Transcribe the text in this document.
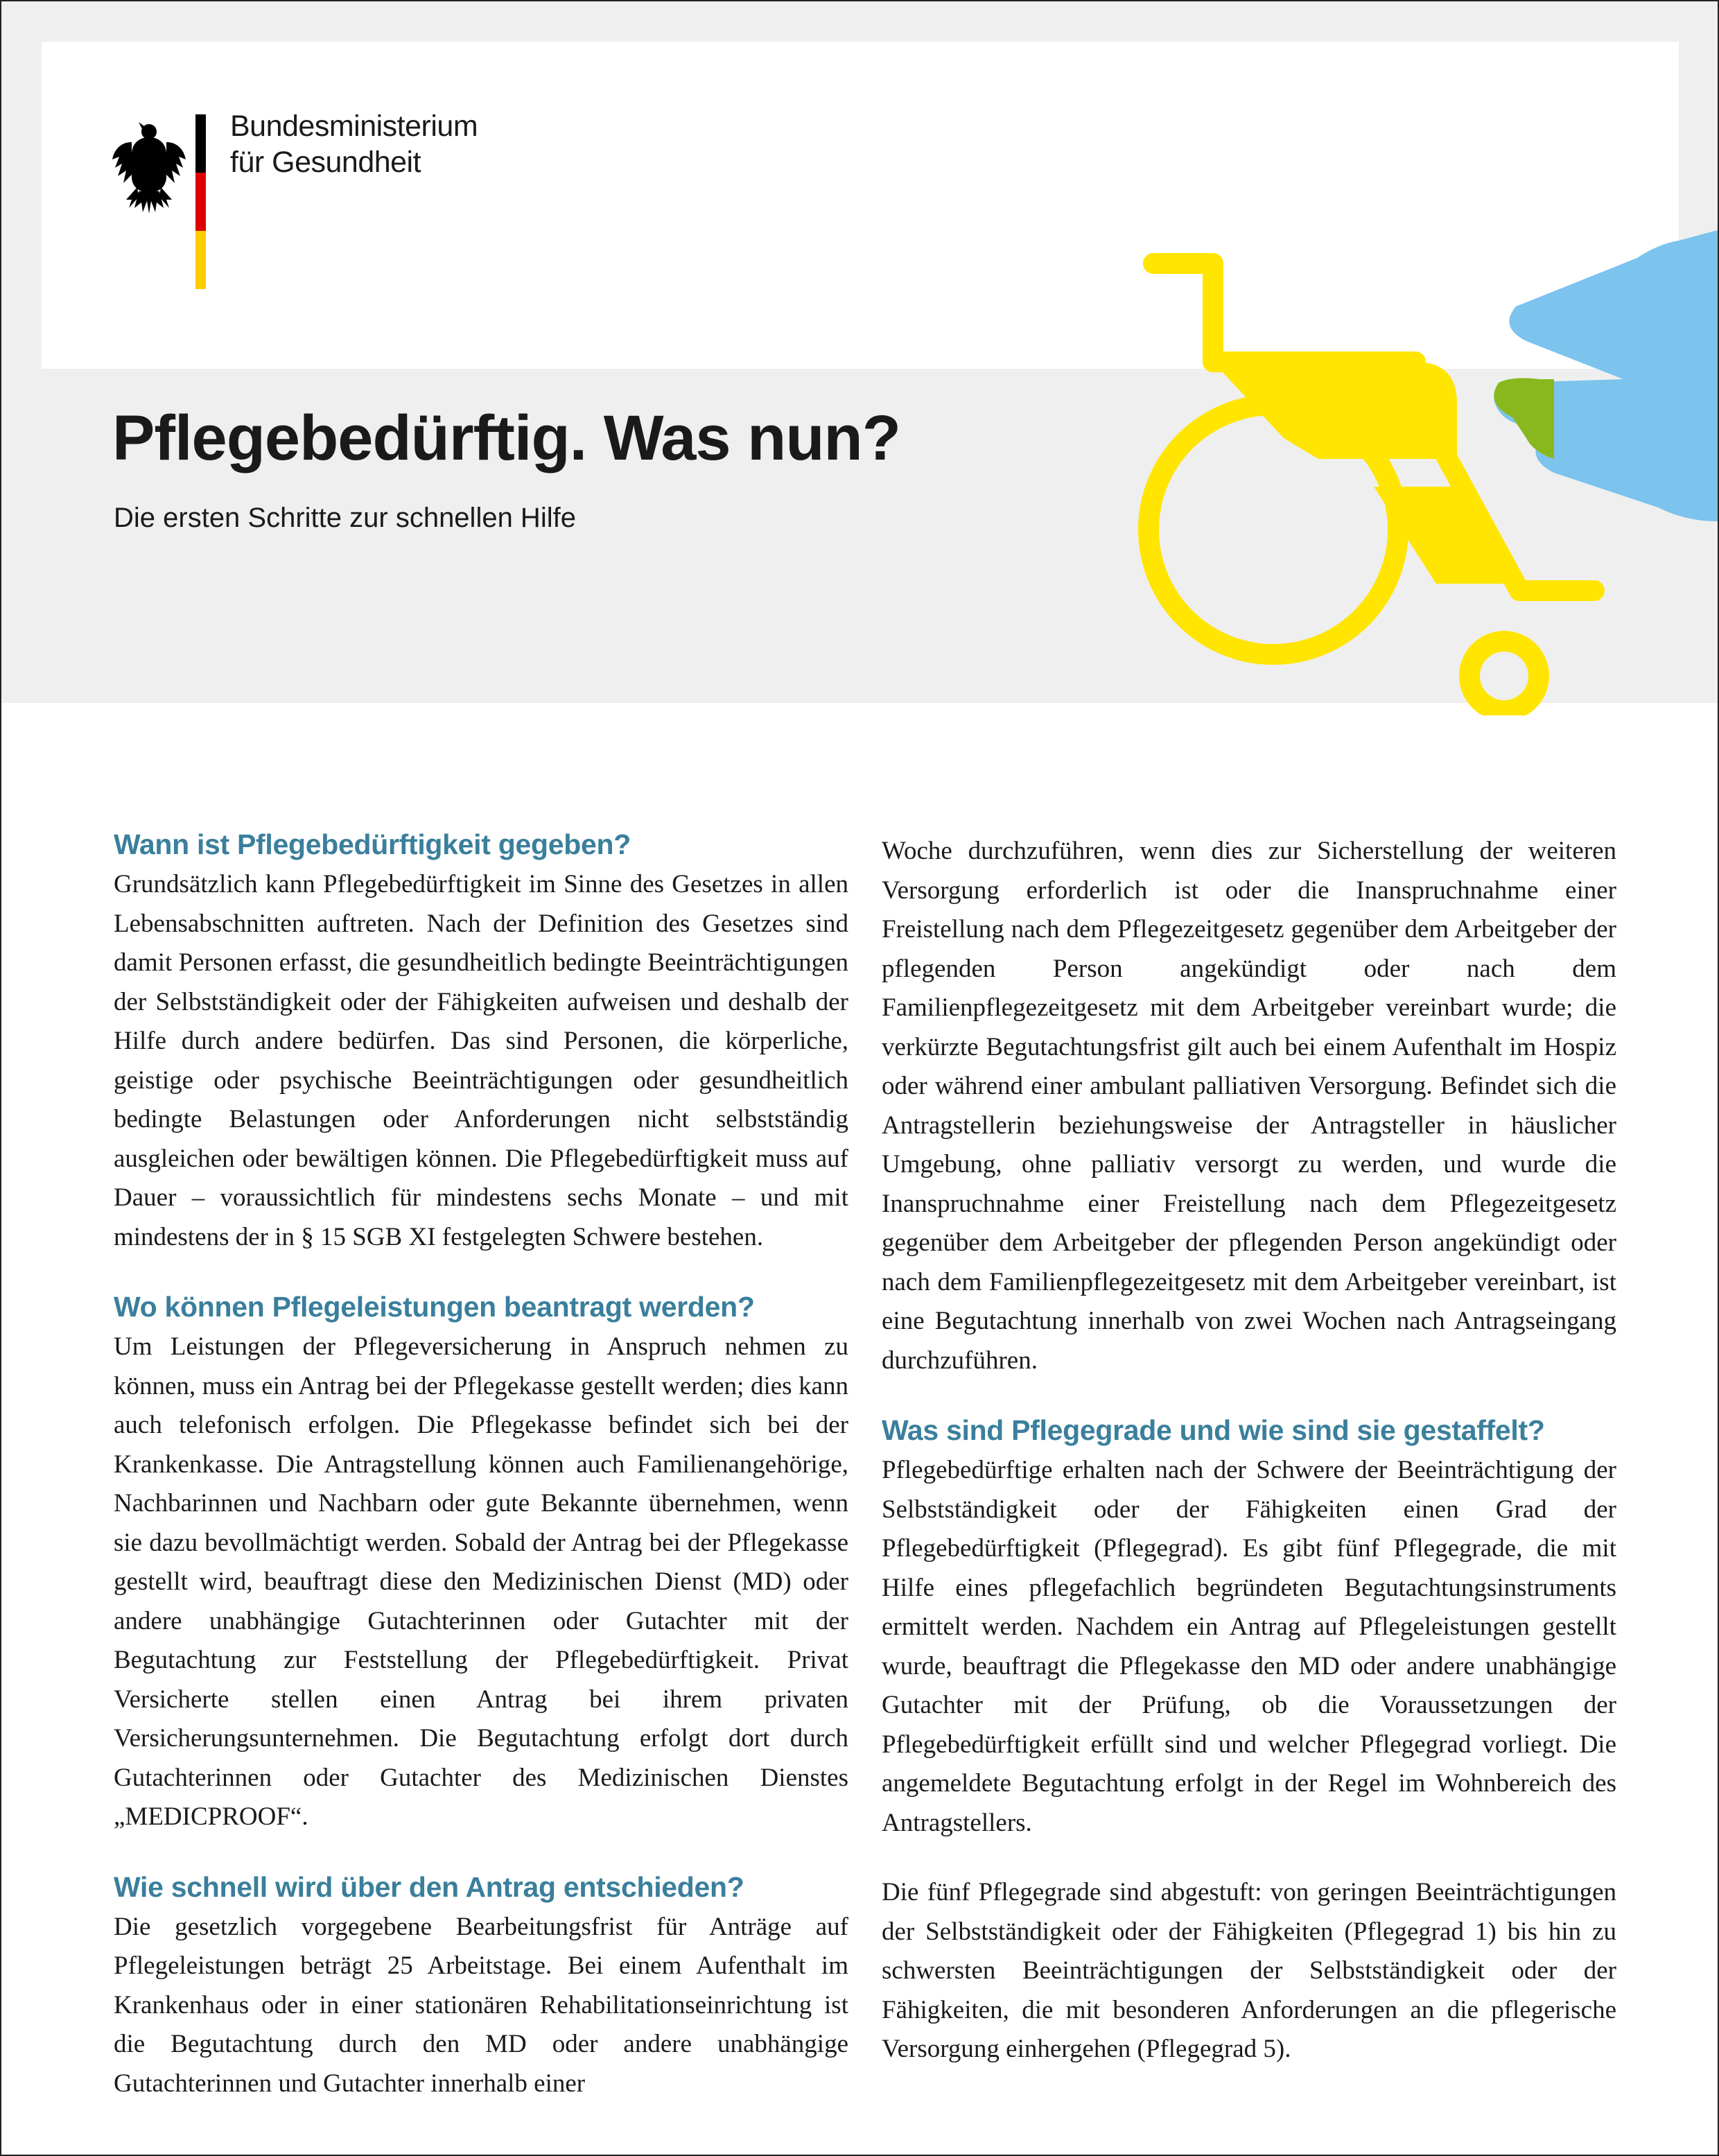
Bundesministerium
für Gesundheit
Pflegebedürftig. Was nun?
Die ersten Schritte zur schnellen Hilfe
Wann ist Pflegebedürftigkeit gegeben?

Grundsätzlich kann Pflegebedürftigkeit im Sinne des Gesetzes in allen Lebensabschnitten auftreten. Nach der Definition des Gesetzes sind damit Personen erfasst, die gesundheitlich bedingte Beeinträchtigungen der Selbstständigkeit oder der Fähigkeiten aufweisen und deshalb der Hilfe durch andere bedürfen. Das sind Personen, die körperliche, geistige oder psychische Beeinträchtigungen oder gesundheitlich bedingte Belastungen oder Anforderungen nicht selbstständig ausgleichen oder bewältigen können. Die Pflegebedürftigkeit muss auf Dauer – voraussichtlich für mindestens sechs Monate – und mit mindestens der in § 15 SGB XI festgelegten Schwere bestehen.

Wo können Pflegeleistungen beantragt werden?

Um Leistungen der Pflegeversicherung in Anspruch nehmen zu können, muss ein Antrag bei der Pflegekasse gestellt werden; dies kann auch telefonisch erfolgen. Die Pflegekasse befindet sich bei der Krankenkasse. Die Antragstellung können auch Familienangehörige, Nachbarinnen und Nachbarn oder gute Bekannte übernehmen, wenn sie dazu bevollmächtigt werden. Sobald der Antrag bei der Pflegekasse gestellt wird, beauftragt diese den Medizinischen Dienst (MD) oder andere unabhängige Gutachterinnen oder Gutachter mit der Begutachtung zur Feststellung der Pflegebedürftigkeit. Privat Versicherte stellen einen Antrag bei ihrem privaten Versicherungsunternehmen. Die Begutachtung erfolgt dort durch Gutachterinnen oder Gutachter des Medizinischen Dienstes „MEDICPROOF“.

Wie schnell wird über den Antrag entschieden?

Die gesetzlich vorgegebene Bearbeitungsfrist für Anträge auf Pflegeleistungen beträgt 25 Arbeitstage. Bei einem Aufenthalt im Krankenhaus oder in einer stationären Rehabilitationseinrichtung ist die Begutachtung durch den MD oder andere unabhängige Gutachterinnen und Gutachter innerhalb einer

Woche durchzuführen, wenn dies zur Sicherstellung der weiteren Versorgung erforderlich ist oder die Inanspruchnahme einer Freistellung nach dem Pflegezeitgesetz gegenüber dem Arbeitgeber der pflegenden Person angekündigt oder nach dem Familienpflegezeitgesetz mit dem Arbeitgeber vereinbart wurde; die verkürzte Begutachtungsfrist gilt auch bei einem Aufenthalt im Hospiz oder während einer ambulant palliativen Versorgung. Befindet sich die Antragstellerin beziehungsweise der Antragsteller in häuslicher Umgebung, ohne palliativ versorgt zu werden, und wurde die Inanspruchnahme einer Freistellung nach dem Pflegezeitgesetz gegenüber dem Arbeitgeber der pflegenden Person angekündigt oder nach dem Familienpflegezeitgesetz mit dem Arbeitgeber vereinbart, ist eine Begutachtung innerhalb von zwei Wochen nach Antragseingang durchzuführen.

Was sind Pflegegrade und wie sind sie gestaffelt?

Pflegebedürftige erhalten nach der Schwere der Beeinträchtigung der Selbstständigkeit oder der Fähigkeiten einen Grad der Pflegebedürftigkeit (Pflegegrad). Es gibt fünf Pflegegrade, die mit Hilfe eines pflegefachlich begründeten Begutachtungsinstruments ermittelt werden. Nachdem ein Antrag auf Pflegeleistungen gestellt wurde, beauftragt die Pflegekasse den MD oder andere unabhängige Gutachter mit der Prüfung, ob die Voraussetzungen der Pflegebedürftigkeit erfüllt sind und welcher Pflegegrad vorliegt. Die angemeldete Begutachtung erfolgt in der Regel im Wohnbereich des Antragstellers.

Die fünf Pflegegrade sind abgestuft: von geringen Beeinträchtigungen der Selbstständigkeit oder der Fähigkeiten (Pflegegrad 1) bis hin zu schwersten Beeinträchtigungen der Selbstständigkeit oder der Fähigkeiten, die mit besonderen Anforderungen an die pflegerische Versorgung einhergehen (Pflegegrad 5).
